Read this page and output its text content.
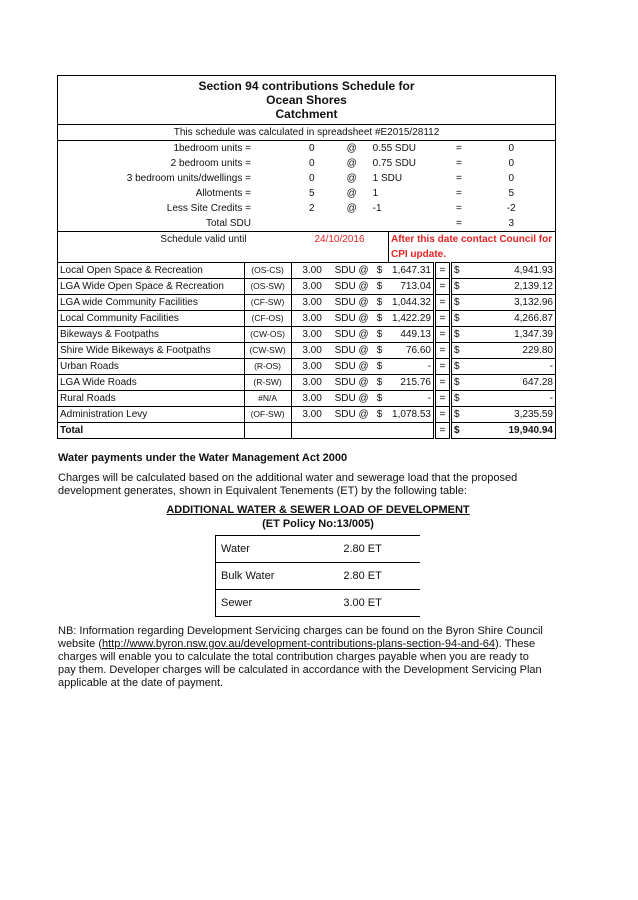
Section 94 contributions Schedule for
Ocean Shores
Catchment								

This schedule was calculated in spreadsheet #E2015/28112								
1bedroom units =		0	@	0.55 SDU			=	0
2 bedroom units =		0	@	0.75 SDU			=	0
3 bedroom units/dwellings =		0	@	1 SDU			=	0
Allotments =		5	@	1			=	5
Less Site Credits =		2	@	-1			=	-2
Total SDU							=	3
Schedule valid until		24/10/2016			After this date contact Council for			
					CPI update.			
Local Open Space & Recreation	(OS-CS)	3.00	SDU @	$	1,647.31	=	$	4,941.93
LGA Wide Open Space & Recreation	(OS-SW)	3.00	SDU @	$	713.04	=	$	2,139.12
LGA wide Community Facilities	(CF-SW)	3.00	SDU @	$	1,044.32	=	$	3,132.96
Local Community Facilities	(CF-OS)	3.00	SDU @	$	1,422.29	=	$	4,266.87
Bikeways & Footpaths	(CW-OS)	3.00	SDU @	$	449.13	=	$	1,347.39
Shire Wide Bikeways & Footpaths	(CW-SW)	3.00	SDU @	$	76.60	=	$	229.80
Urban Roads	(R-OS)	3.00	SDU @	$	-	=	$	-
LGA Wide Roads	(R-SW)	3.00	SDU @	$	215.76	=	$	647.28
Rural Roads	#N/A	3.00	SDU @	$	-	=	$	-
Administration Levy	(OF-SW)	3.00	SDU @	$	1,078.53	=	$	3,235.59
Total						=	$	19,940.94
Water payments under the Water Management Act 2000
Charges will be calculated based on the additional water and sewerage load that the proposed
development generates, shown in Equivalent Tenements (ET) by the following table:
ADDITIONAL WATER & SEWER LOAD OF DEVELOPMENT
(ET Policy No:13/005)
Water	2.80 ET
Bulk Water	2.80 ET
Sewer	3.00 ET
NB: Information regarding Development Servicing charges can be found on the Byron Shire Council
website (http://www.byron.nsw.gov.au/development-contributions-plans-section-94-and-64). These
charges will enable you to calculate the total contribution charges payable when you are ready to
pay them. Developer charges will be calculated in accordance with the Development Servicing Plan
applicable at the date of payment.
